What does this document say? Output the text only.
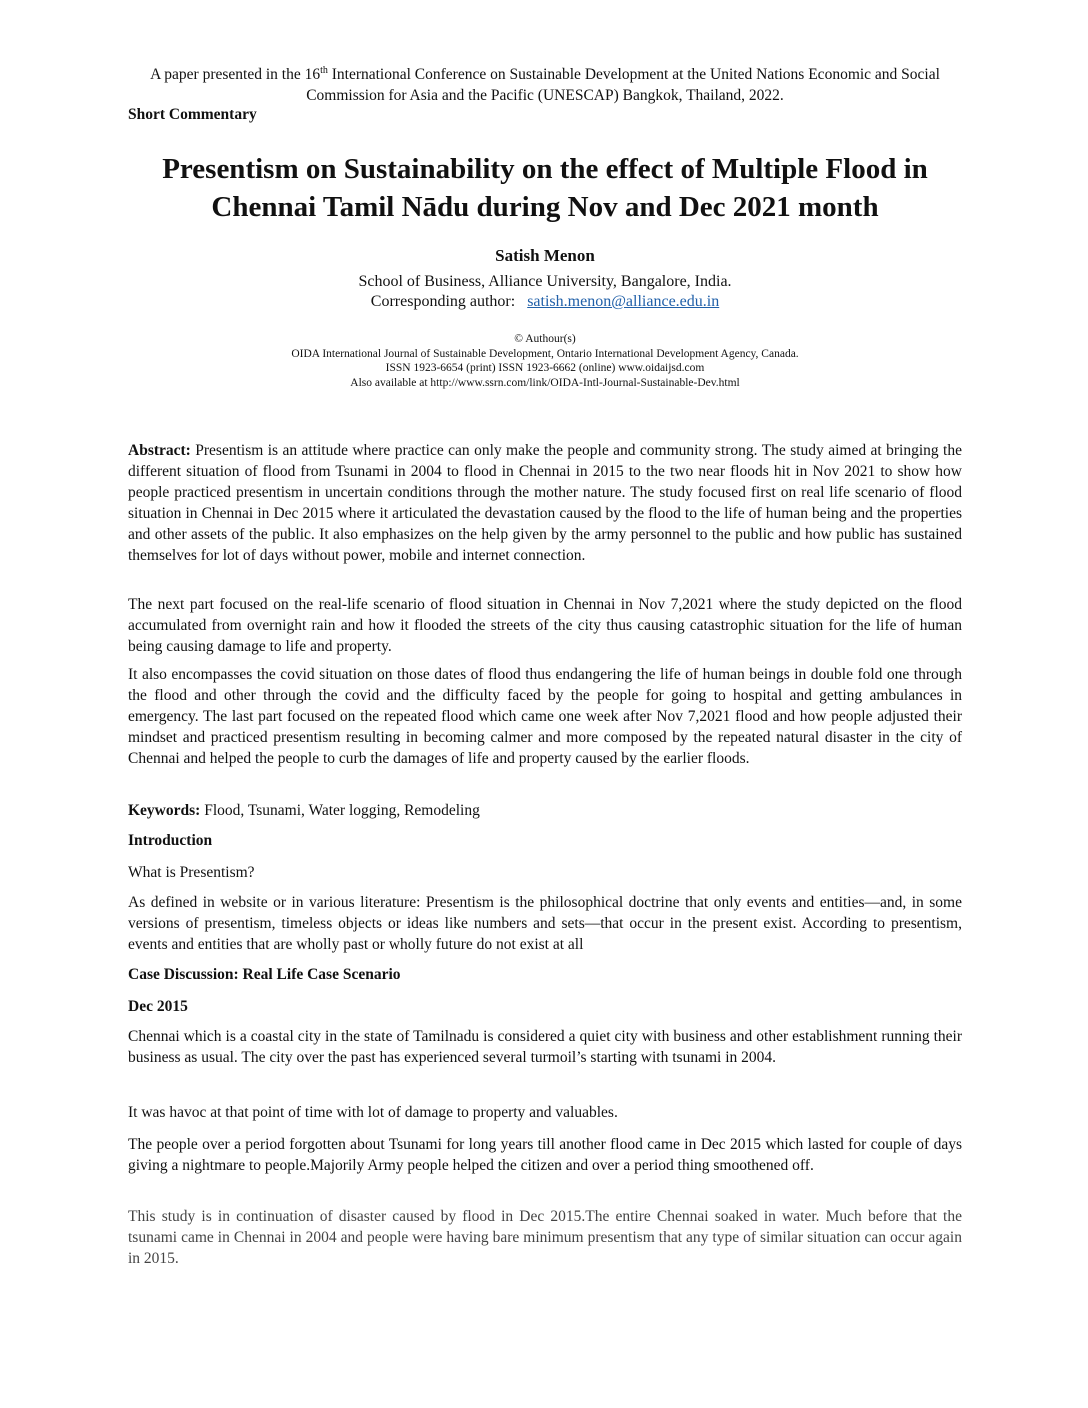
A paper presented in the 16th International Conference on Sustainable Development at the United Nations Economic and Social Commission for Asia and the Pacific (UNESCAP) Bangkok, Thailand, 2022.
Short Commentary
Presentism on Sustainability on the effect of Multiple Flood in Chennai Tamil Nādu during Nov and Dec 2021 month
Satish Menon
School of Business, Alliance University, Bangalore, India.
Corresponding author: satish.menon@alliance.edu.in
© Authour(s)
OIDA International Journal of Sustainable Development, Ontario International Development Agency, Canada.
ISSN 1923-6654 (print) ISSN 1923-6662 (online) www.oidaijsd.com
Also available at http://www.ssrn.com/link/OIDA-Intl-Journal-Sustainable-Dev.html
Abstract: Presentism is an attitude where practice can only make the people and community strong. The study aimed at bringing the different situation of flood from Tsunami in 2004 to flood in Chennai in 2015 to the two near floods hit in Nov 2021 to show how people practiced presentism in uncertain conditions through the mother nature. The study focused first on real life scenario of flood situation in Chennai in Dec 2015 where it articulated the devastation caused by the flood to the life of human being and the properties and other assets of the public. It also emphasizes on the help given by the army personnel to the public and how public has sustained themselves for lot of days without power, mobile and internet connection.
The next part focused on the real-life scenario of flood situation in Chennai in Nov 7,2021 where the study depicted on the flood accumulated from overnight rain and how it flooded the streets of the city thus causing catastrophic situation for the life of human being causing damage to life and property.
It also encompasses the covid situation on those dates of flood thus endangering the life of human beings in double fold one through the flood and other through the covid and the difficulty faced by the people for going to hospital and getting ambulances in emergency. The last part focused on the repeated flood which came one week after Nov 7,2021 flood and how people adjusted their mindset and practiced presentism resulting in becoming calmer and more composed by the repeated natural disaster in the city of Chennai and helped the people to curb the damages of life and property caused by the earlier floods.
Keywords: Flood, Tsunami, Water logging, Remodeling
Introduction
What is Presentism?
As defined in website or in various literature: Presentism is the philosophical doctrine that only events and entities—and, in some versions of presentism, timeless objects or ideas like numbers and sets—that occur in the present exist. According to presentism, events and entities that are wholly past or wholly future do not exist at all
Case Discussion: Real Life Case Scenario
Dec 2015
Chennai which is a coastal city in the state of Tamilnadu is considered a quiet city with business and other establishment running their business as usual. The city over the past has experienced several turmoil’s starting with tsunami in 2004.
It was havoc at that point of time with lot of damage to property and valuables.
The people over a period forgotten about Tsunami for long years till another flood came in Dec 2015 which lasted for couple of days giving a nightmare to people.Majorily Army people helped the citizen and over a period thing smoothened off.
This study is in continuation of disaster caused by flood in Dec 2015.The entire Chennai soaked in water. Much before that the tsunami came in Chennai in 2004 and people were having bare minimum presentism that any type of similar situation can occur again in 2015.
